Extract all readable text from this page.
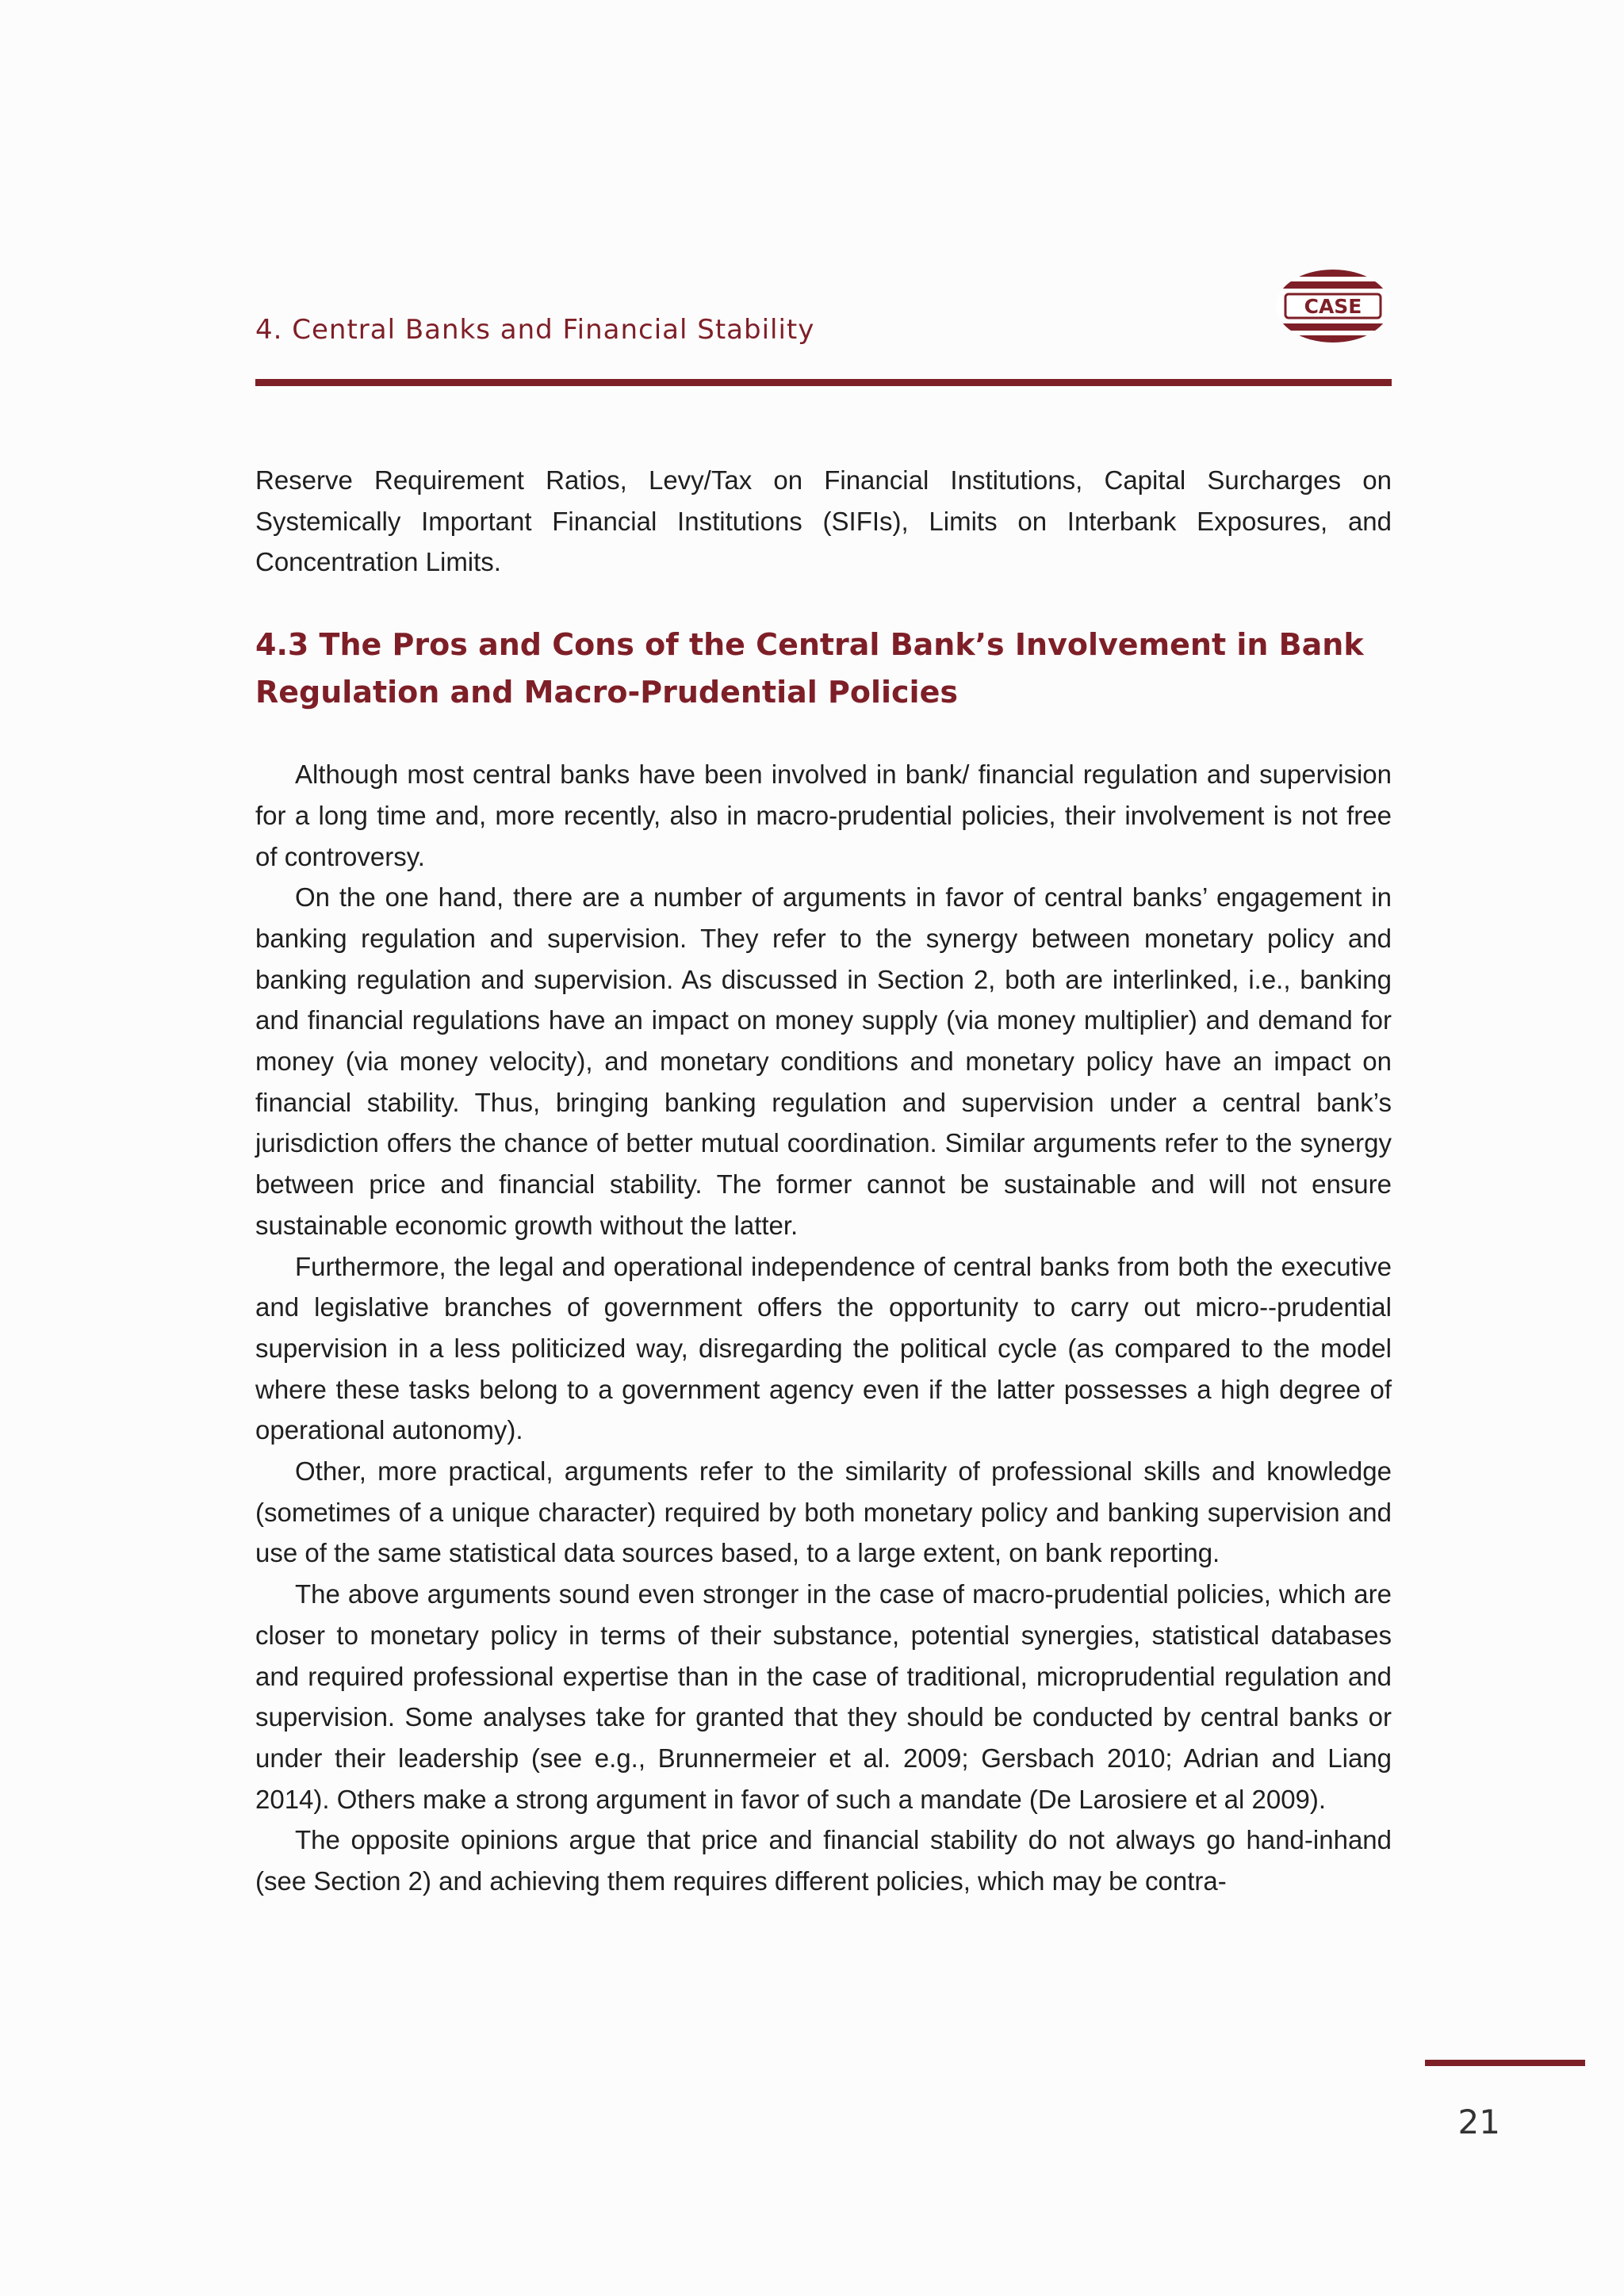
4. Central Banks and Financial Stability
CASE

Reserve Requirement Ratios, Levy/Tax on Financial Institutions, Capital Surcharges on Systemically Important Financial Institutions (SIFIs), Limits on Interbank Exposures, and Concentration Limits.

4.3 The Pros and Cons of the Central Bank’s Involvement in Bank Regulation and Macro-Prudential Policies

Although most central banks have been involved in bank/ financial regulation and supervision for a long time and, more recently, also in macro-prudential policies, their involvement is not free of controversy.

On the one hand, there are a number of arguments in favor of central banks’ engagement in banking regulation and supervision. They refer to the synergy between monetary policy and banking regulation and supervision. As discussed in Section 2, both are interlinked, i.e., banking and financial regulations have an impact on money supply (via money multiplier) and demand for money (via money velocity), and monetary conditions and monetary policy have an impact on financial stability. Thus, bringing banking regulation and supervision under a central bank’s jurisdiction offers the chance of better mutual coordination. Similar arguments refer to the synergy between price and financial stability. The former cannot be sustainable and will not ensure sustainable economic growth without the latter.

Furthermore, the legal and operational independence of central banks from both the executive and legislative branches of government offers the opportunity to carry out micro--prudential supervision in a less politicized way, disregarding the political cycle (as compared to the model where these tasks belong to a government agency even if the latter possesses a high degree of operational autonomy).

Other, more practical, arguments refer to the similarity of professional skills and knowledge (sometimes of a unique character) required by both monetary policy and banking supervision and use of the same statistical data sources based, to a large extent, on bank reporting.

The above arguments sound even stronger in the case of macro-prudential policies, which are closer to monetary policy in terms of their substance, potential synergies, statistical databases and required professional expertise than in the case of traditional, microprudential regulation and supervision. Some analyses take for granted that they should be conducted by central banks or under their leadership (see e.g., Brunnermeier et al. 2009; Gersbach 2010; Adrian and Liang 2014). Others make a strong argument in favor of such a mandate (De Larosiere et al 2009).

The opposite opinions argue that price and financial stability do not always go hand-inhand (see Section 2) and achieving them requires different policies, which may be contra-

21
